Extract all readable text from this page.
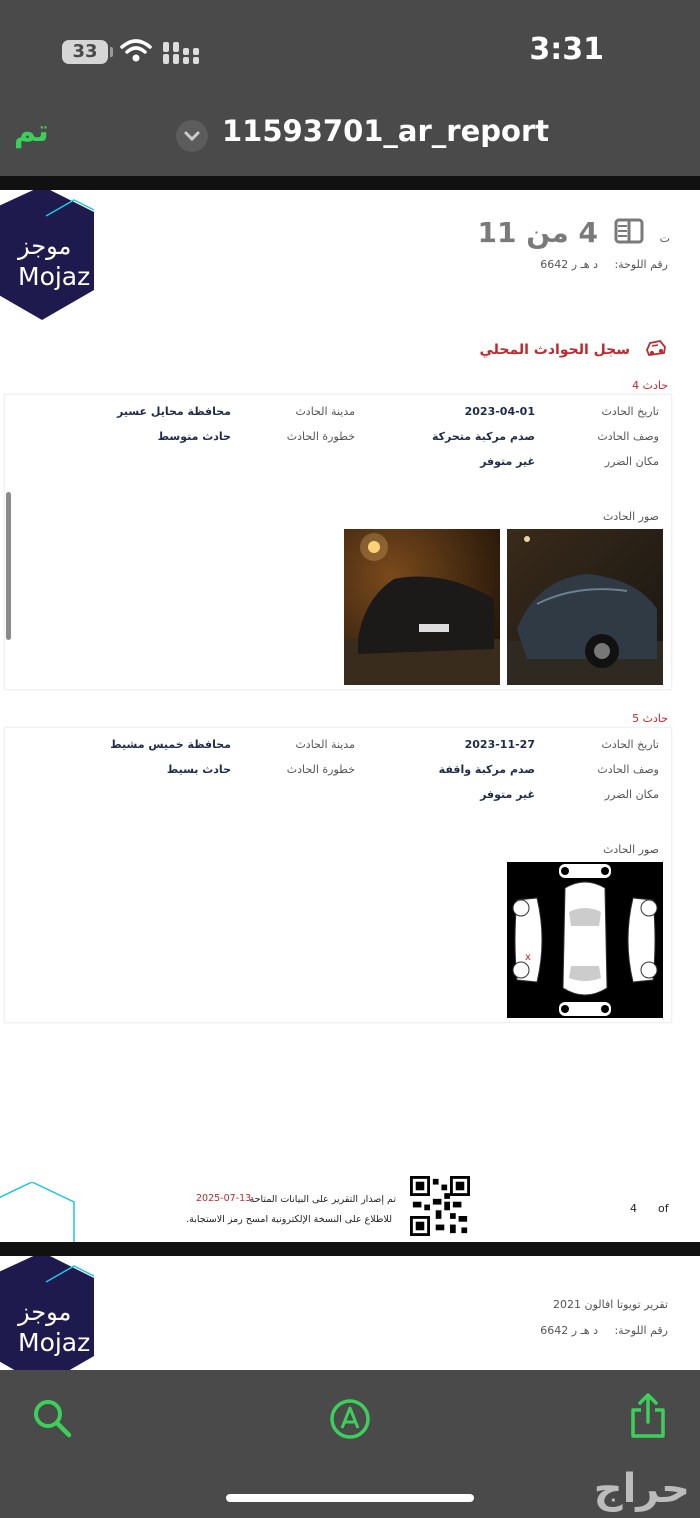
33	3:31
تم	11593701_ar_report
موجز
Mojaz
4 من 11	ت
رقم اللوحة:
د هـ ر 6642
سجل الحوادث المحلي
حادث 4
تاريخ الحادث
2023-04-01
مدينة الحادث
محافظة محايل عسير
وصف الحادث
صدم مركبة متحركة
خطورة الحادث
حادث متوسط
مكان الضرر
غير متوفر
صور الحادث
حادث 5
تاريخ الحادث
2023-11-27
مدينة الحادث
محافظة خميس مشيط
وصف الحادث
صدم مركبة واقفة
خطورة الحادث
حادث بسيط
مكان الضرر
غير متوفر
صور الحادث
x
تم إصدار التقرير على البيانات المتاحة
2025-07-13
للاطلاع على النسخة الإلكترونية امسح رمز الاستجابة.
4 of
موجز
Mojaz
تقرير تويوتا افالون 2021
رقم اللوحة:
د هـ ر 6642
حراج
